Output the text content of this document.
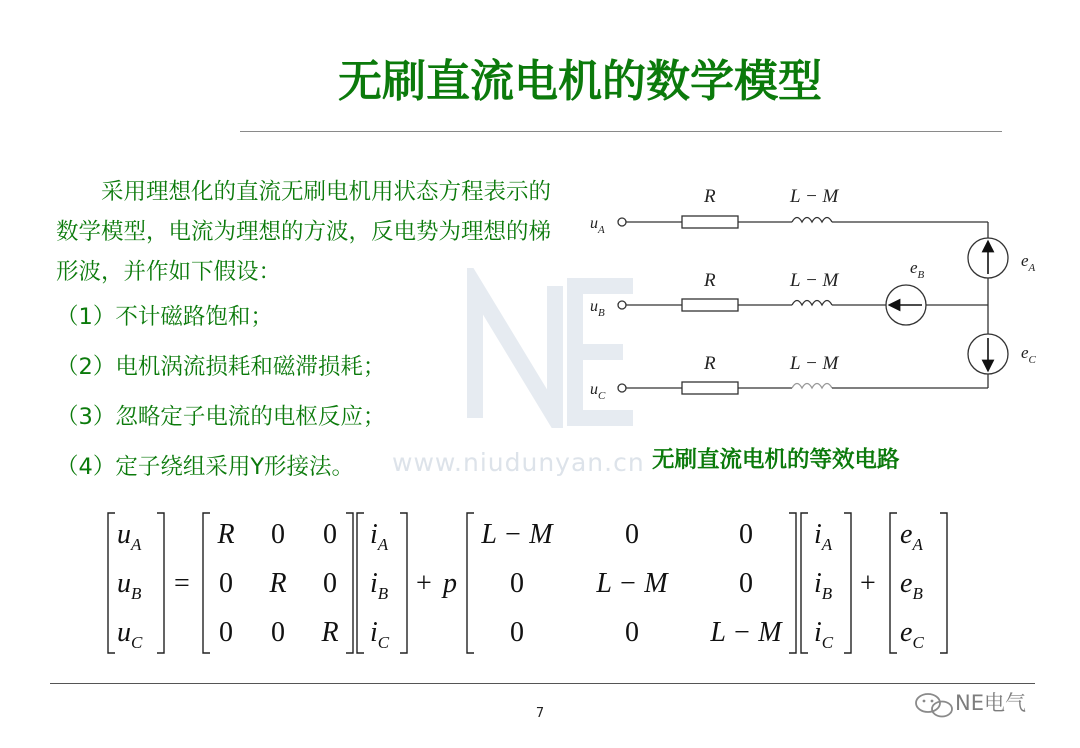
www.niudunyan.cn
无刷直流电机的数学模型

采用理想化的直流无刷电机用状态方程表示的数学模型，电流为理想的方波，反电势为理想的梯形波，并作如下假设：

（1）不计磁路饱和；

（2）电机涡流损耗和磁滞损耗；

（3）忽略定子电流的电枢反应；

（4）定子绕组采用Y形接法。

$u_A$
R	L − M
$u_B$
R	L − M
$u_C$
R	L − M
$e_A$
$e_B$
$e_C$
无刷直流电机的等效电路
$u_A$
$u_B$
$u_C$
=
R 0 0
0 R 0
0 0 R
$i_A$
$i_B$
$i_C$
+ p
L − M	0	0
0	L − M	0
0	0	L − M
$i_A$
$i_B$
$i_C$
+
$e_A$
$e_B$
$e_C$
7	NE电气
